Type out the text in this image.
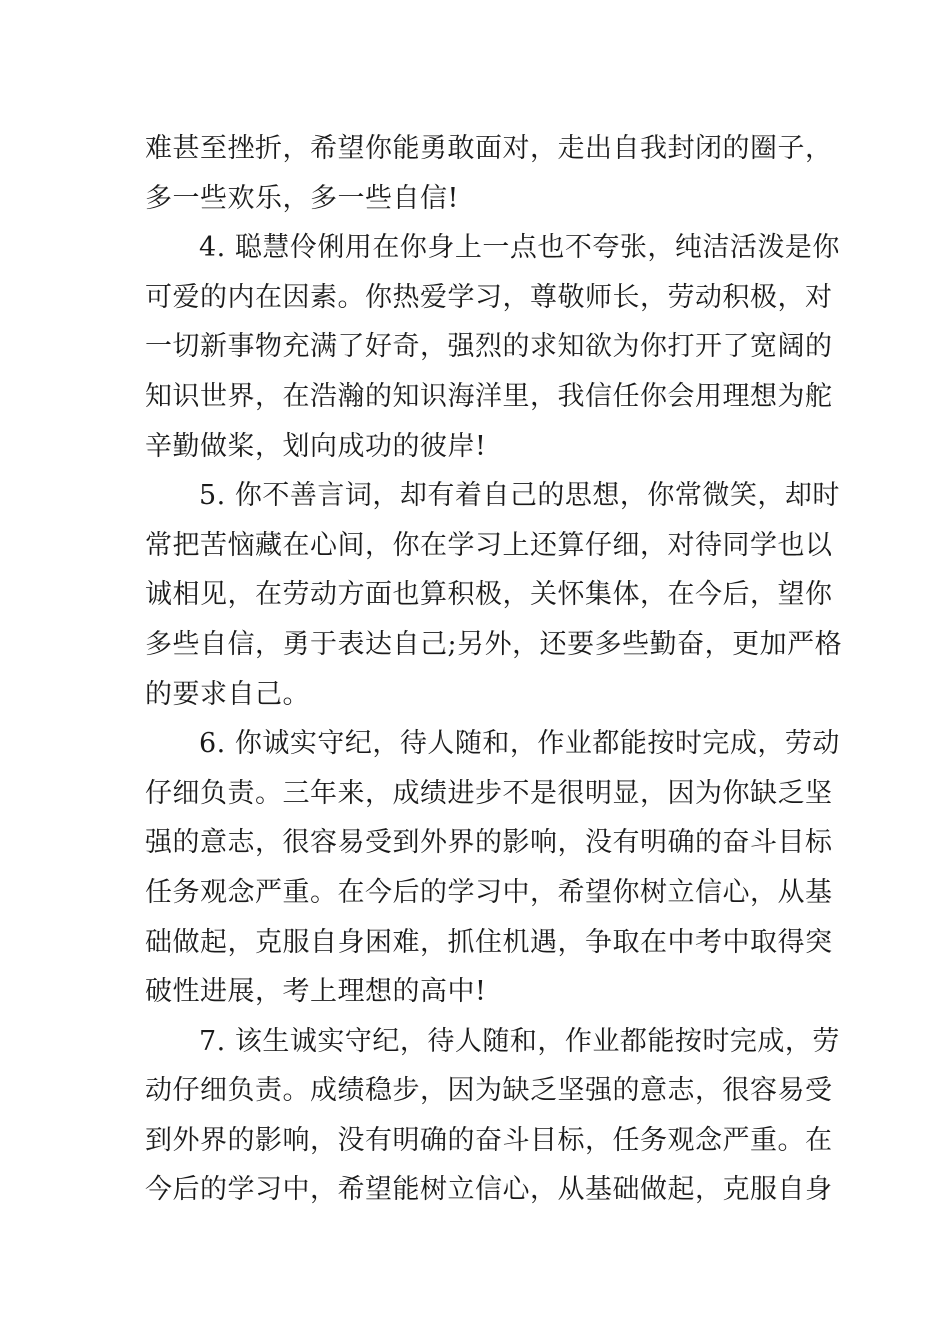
难甚至挫折，希望你能勇敢面对，走出自我封闭的圈子，
多一些欢乐，多一些自信!
4. 聪慧伶俐用在你身上一点也不夸张，纯洁活泼是你
可爱的内在因素。你热爱学习，尊敬师长，劳动积极，对
一切新事物充满了好奇，强烈的求知欲为你打开了宽阔的
知识世界，在浩瀚的知识海洋里，我信任你会用理想为舵
辛勤做桨，划向成功的彼岸!
5. 你不善言词，却有着自己的思想，你常微笑，却时
常把苦恼藏在心间，你在学习上还算仔细，对待同学也以
诚相见，在劳动方面也算积极，关怀集体，在今后，望你
多些自信，勇于表达自己;另外，还要多些勤奋，更加严格
的要求自己。
6. 你诚实守纪，待人随和，作业都能按时完成，劳动
仔细负责。三年来，成绩进步不是很明显，因为你缺乏坚
强的意志，很容易受到外界的影响，没有明确的奋斗目标
任务观念严重。在今后的学习中，希望你树立信心，从基
础做起，克服自身困难，抓住机遇，争取在中考中取得突
破性进展，考上理想的高中!
7. 该生诚实守纪，待人随和，作业都能按时完成，劳
动仔细负责。成绩稳步，因为缺乏坚强的意志，很容易受
到外界的影响，没有明确的奋斗目标，任务观念严重。在
今后的学习中，希望能树立信心，从基础做起，克服自身
